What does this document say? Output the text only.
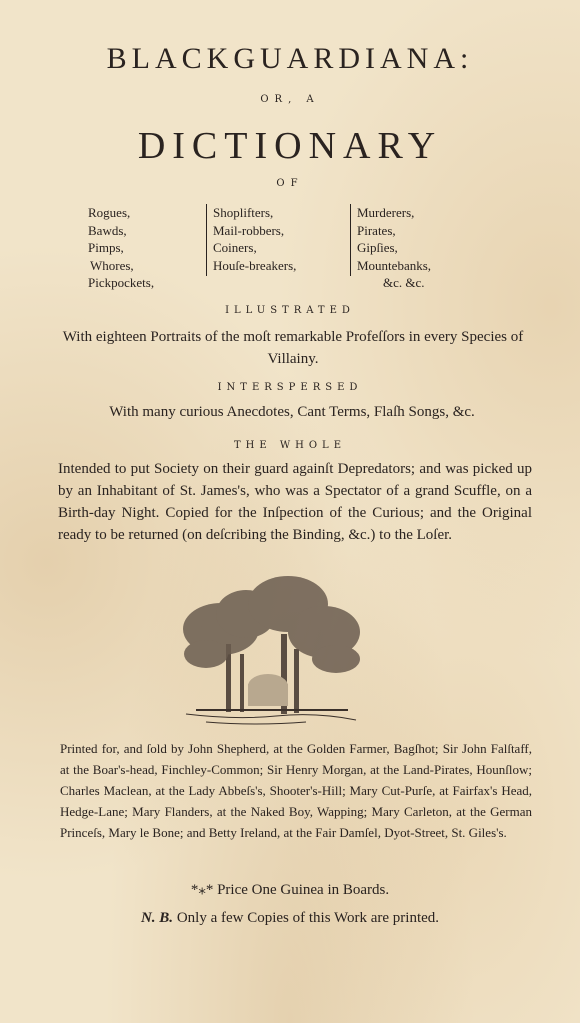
BLACKGUARDIANA:
OR, A
DICTIONARY
OF
Rogues,
Bawds,
Pimps,
Whores,
Pickpockets,
Shoplifters,
Mail-robbers,
Coiners,
Houſe-breakers,
Murderers,
Pirates,
Gipſies,
Mountebanks,
&c. &c.
ILLUSTRATED
With eighteen Portraits of the moſt remarkable Profeſſors in every Species of Villainy.
INTERSPERSED
With many curious Anecdotes, Cant Terms, Flaſh Songs, &c.
THE WHOLE
Intended to put Society on their guard againſt Depredators; and was picked up by an Inhabitant of St. James's, who was a Spectator of a grand Scuffle, on a Birth-day Night. Copied for the Inſpection of the Curious; and the Original ready to be returned (on deſcribing the Binding, &c.) to the Loſer.
Printed for, and ſold by John Shepherd, at the Golden Farmer, Bagſhot; Sir John Falſtaff, at the Boar's-head, Finchley-Common; Sir Henry Morgan, at the Land-Pirates, Hounſlow; Charles Maclean, at the Lady Abbeſs's, Shooter's-Hill; Mary Cut-Purſe, at Fairfax's Head, Hedge-Lane; Mary Flanders, at the Naked Boy, Wapping; Mary Carleton, at the German Princeſs, Mary le Bone; and Betty Ireland, at the Fair Damſel, Dyot-Street, St. Giles's.
*⁎* Price One Guinea in Boards.
N. B. Only a few Copies of this Work are printed.
